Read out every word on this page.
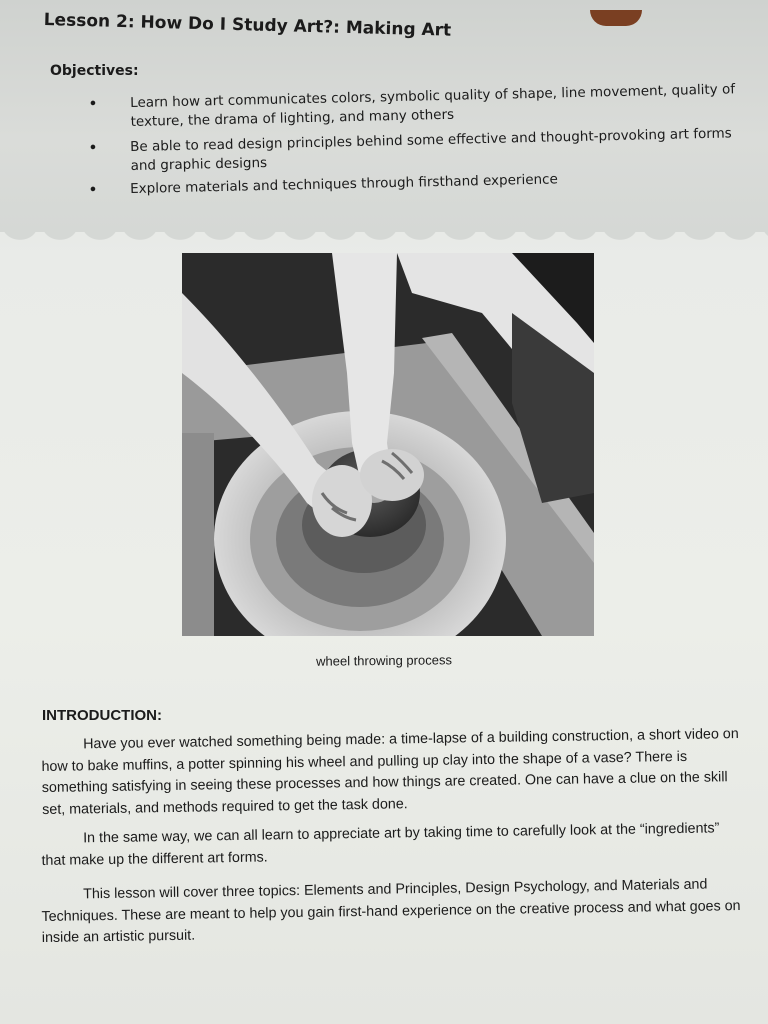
Lesson 2: How Do I Study Art?: Making Art
Objectives:
• Learn how art communicates colors, symbolic quality of shape, line movement, quality of texture, the drama of lighting, and many others
• Be able to read design principles behind some effective and thought-provoking art forms and graphic designs
• Explore materials and techniques through firsthand experience
wheel throwing process
INTRODUCTION:

Have you ever watched something being made: a time-lapse of a building construction, a short video on how to bake muffins, a potter spinning his wheel and pulling up clay into the shape of a vase? There is something satisfying in seeing these processes and how things are created. One can have a clue on the skill set, materials, and methods required to get the task done.

In the same way, we can all learn to appreciate art by taking time to carefully look at the “ingredients” that make up the different art forms.

This lesson will cover three topics: Elements and Principles, Design Psychology, and Materials and Techniques. These are meant to help you gain first-hand experience on the creative process and what goes on inside an artistic pursuit.
